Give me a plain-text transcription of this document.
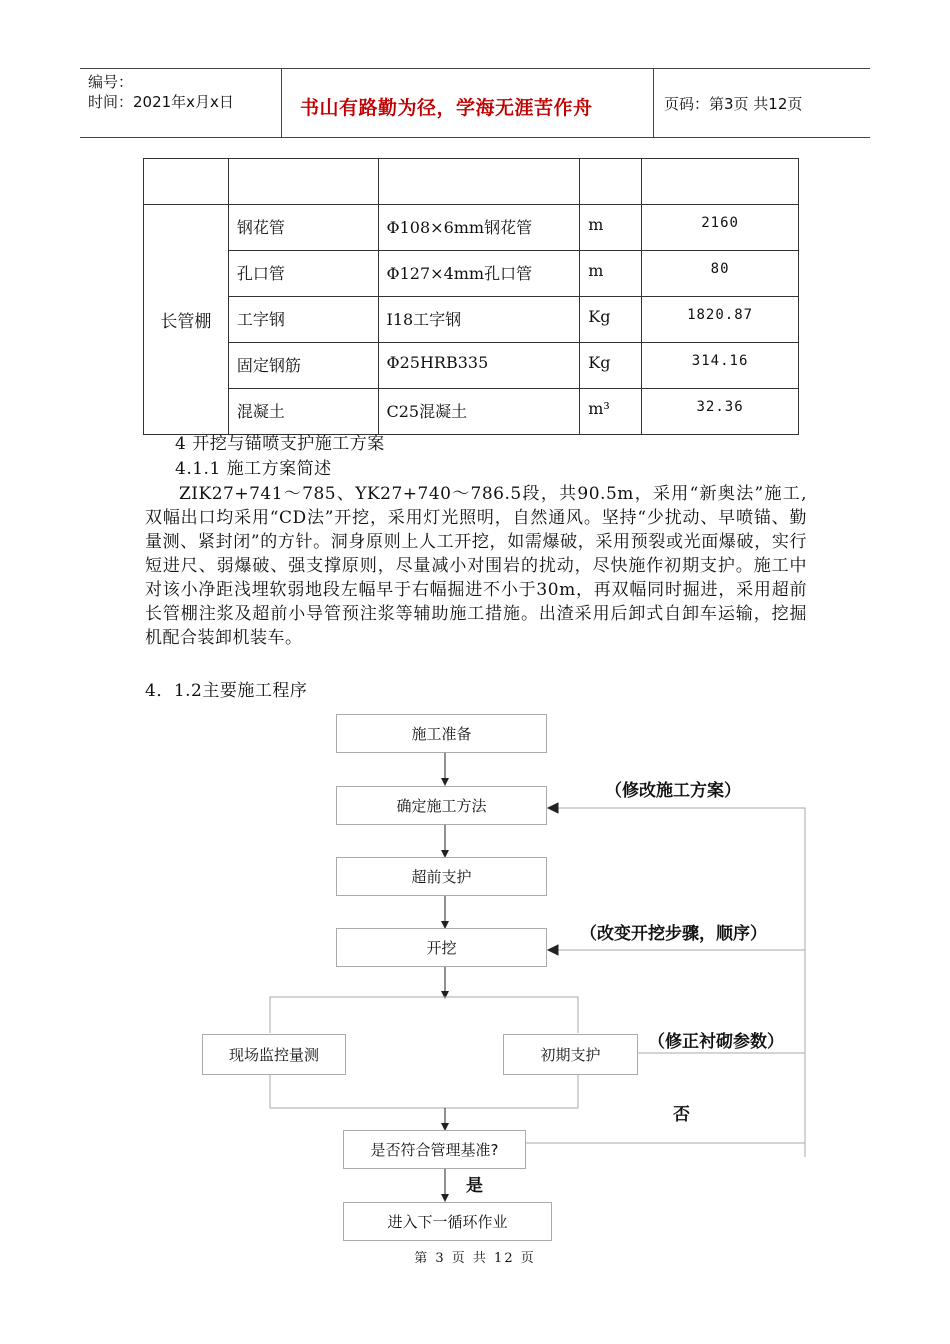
编号：
时间：2021年x月x日	书山有路勤为径，学海无涯苦作舟	页码：第3页 共12页

长管棚	钢花管	Φ108×6mm钢花管	m	2160

	孔口管	Φ127×4mm孔口管	m	80

	工字钢	I18工字钢	Kg	1820.87

	固定钢筋	Φ25HRB335	Kg	314.16

	混凝土	C25混凝土	m³	32.36
4 开挖与锚喷支护施工方案
4.1.1 施工方案简述
ZIK27+741～785、YK27+740～786.5段，共90.5m，采用“新奥法”施工,双幅出口均采用“CD法”开挖，采用灯光照明，自然通风。坚持“少扰动、早喷锚、勤量测、紧封闭”的方针。洞身原则上人工开挖，如需爆破，采用预裂或光面爆破，实行短进尺、弱爆破、强支撑原则，尽量减小对围岩的扰动，尽快施作初期支护。施工中对该小净距浅埋软弱地段左幅早于右幅掘进不小于30m，再双幅同时掘进，采用超前长管棚注浆及超前小导管预注浆等辅助施工措施。出渣采用后卸式自卸车运输，挖掘机配合装卸机装车。
4．1.2主要施工程序
施工准备
确定施工方法
超前支护
开挖
现场监控量测	初期支护
是否符合管理基准?
进入下一循环作业
（修改施工方案）
（改变开挖步骤，顺序）
（修正衬砌参数）
否
是
第 3 页 共 12 页
